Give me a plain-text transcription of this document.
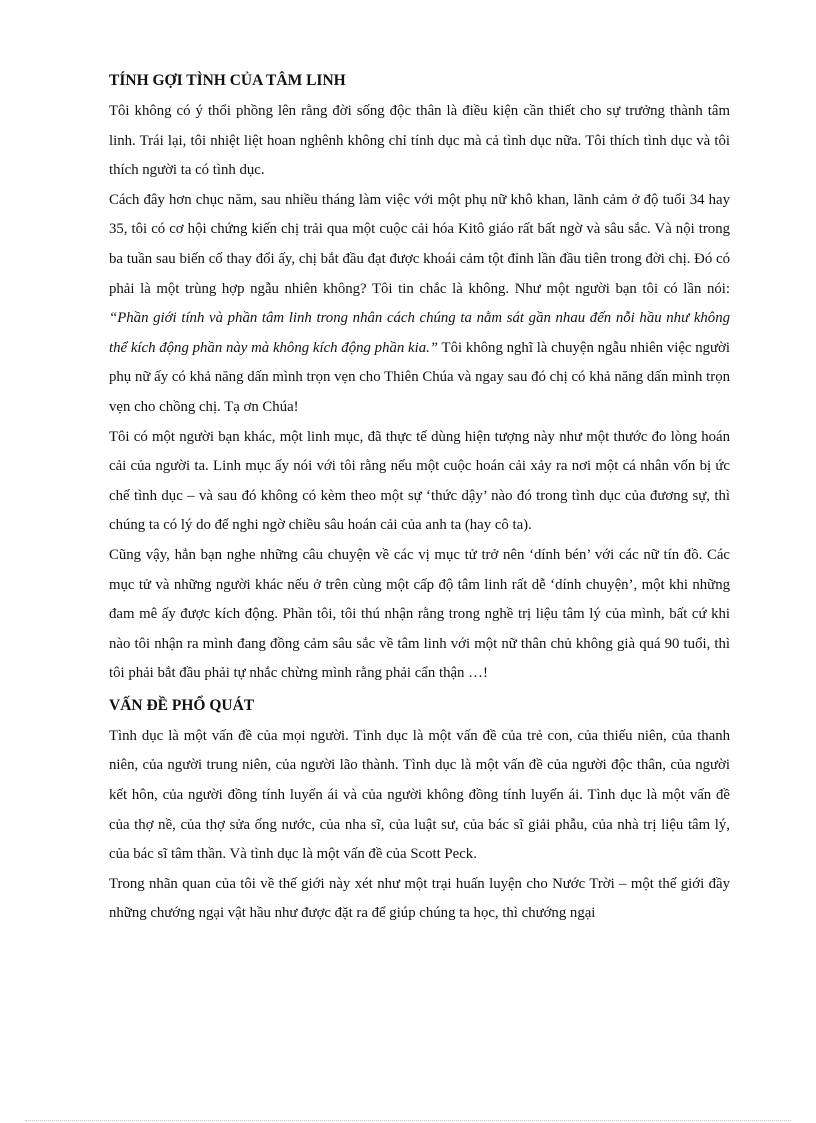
TÍNH GỢI TÌNH CỦA TÂM LINH

Tôi không có ý thổi phồng lên rằng đời sống độc thân là điều kiện cần thiết cho sự trưởng thành tâm linh. Trái lại, tôi nhiệt liệt hoan nghênh không chỉ tính dục mà cả tình dục nữa. Tôi thích tình dục và tôi thích người ta có tình dục.

Cách đây hơn chục năm, sau nhiều tháng làm việc với một phụ nữ khô khan, lãnh cảm ở độ tuổi 34 hay 35, tôi có cơ hội chứng kiến chị trải qua một cuộc cải hóa Kitô giáo rất bất ngờ và sâu sắc. Và nội trong ba tuần sau biến cố thay đổi ấy, chị bắt đầu đạt được khoái cảm tột đỉnh lần đầu tiên trong đời chị. Đó có phải là một trùng hợp ngẫu nhiên không? Tôi tin chắc là không. Như một người bạn tôi có lần nói: “Phần giới tính và phần tâm linh trong nhân cách chúng ta nằm sát gần nhau đến nỗi hầu như không thể kích động phần này mà không kích động phần kia.” Tôi không nghĩ là chuyện ngẫu nhiên việc người phụ nữ ấy có khả năng dấn mình trọn vẹn cho Thiên Chúa và ngay sau đó chị có khả năng dấn mình trọn vẹn cho chồng chị. Tạ ơn Chúa!

Tôi có một người bạn khác, một linh mục, đã thực tế dùng hiện tượng này như một thước đo lòng hoán cải của người ta. Linh mục ấy nói với tôi rằng nếu một cuộc hoán cải xảy ra nơi một cá nhân vốn bị ức chế tình dục – và sau đó không có kèm theo một sự ‘thức dậy’ nào đó trong tình dục của đương sự, thì chúng ta có lý do để nghi ngờ chiều sâu hoán cải của anh ta (hay cô ta).

Cũng vậy, hẳn bạn nghe những câu chuyện về các vị mục tử trở nên ‘dính bén’ với các nữ tín đồ. Các mục tử và những người khác nếu ở trên cùng một cấp độ tâm linh rất dễ ‘dính chuyện’, một khi những đam mê ấy được kích động. Phần tôi, tôi thú nhận rằng trong nghề trị liệu tâm lý của mình, bất cứ khi nào tôi nhận ra mình đang đồng cảm sâu sắc về tâm linh với một nữ thân chủ không già quá 90 tuổi, thì tôi phải bắt đầu phải tự nhắc chừng mình rằng phải cẩn thận …!

VẤN ĐỀ PHỔ QUÁT

Tình dục là một vấn đề của mọi người. Tình dục là một vấn đề của trẻ con, của thiếu niên, của thanh niên, của người trung niên, của người lão thành. Tình dục là một vấn đề của người độc thân, của người kết hôn, của người đồng tính luyến ái và của người không đồng tính luyến ái. Tình dục là một vấn đề của thợ nề, của thợ sửa ống nước, của nha sĩ, của luật sư, của bác sĩ giải phẫu, của nhà trị liệu tâm lý, của bác sĩ tâm thần. Và tình dục là một vấn đề của Scott Peck.

Trong nhãn quan của tôi về thế giới này xét như một trại huấn luyện cho Nước Trời – một thế giới đầy những chướng ngại vật hầu như được đặt ra để giúp chúng ta học, thì chướng ngại
